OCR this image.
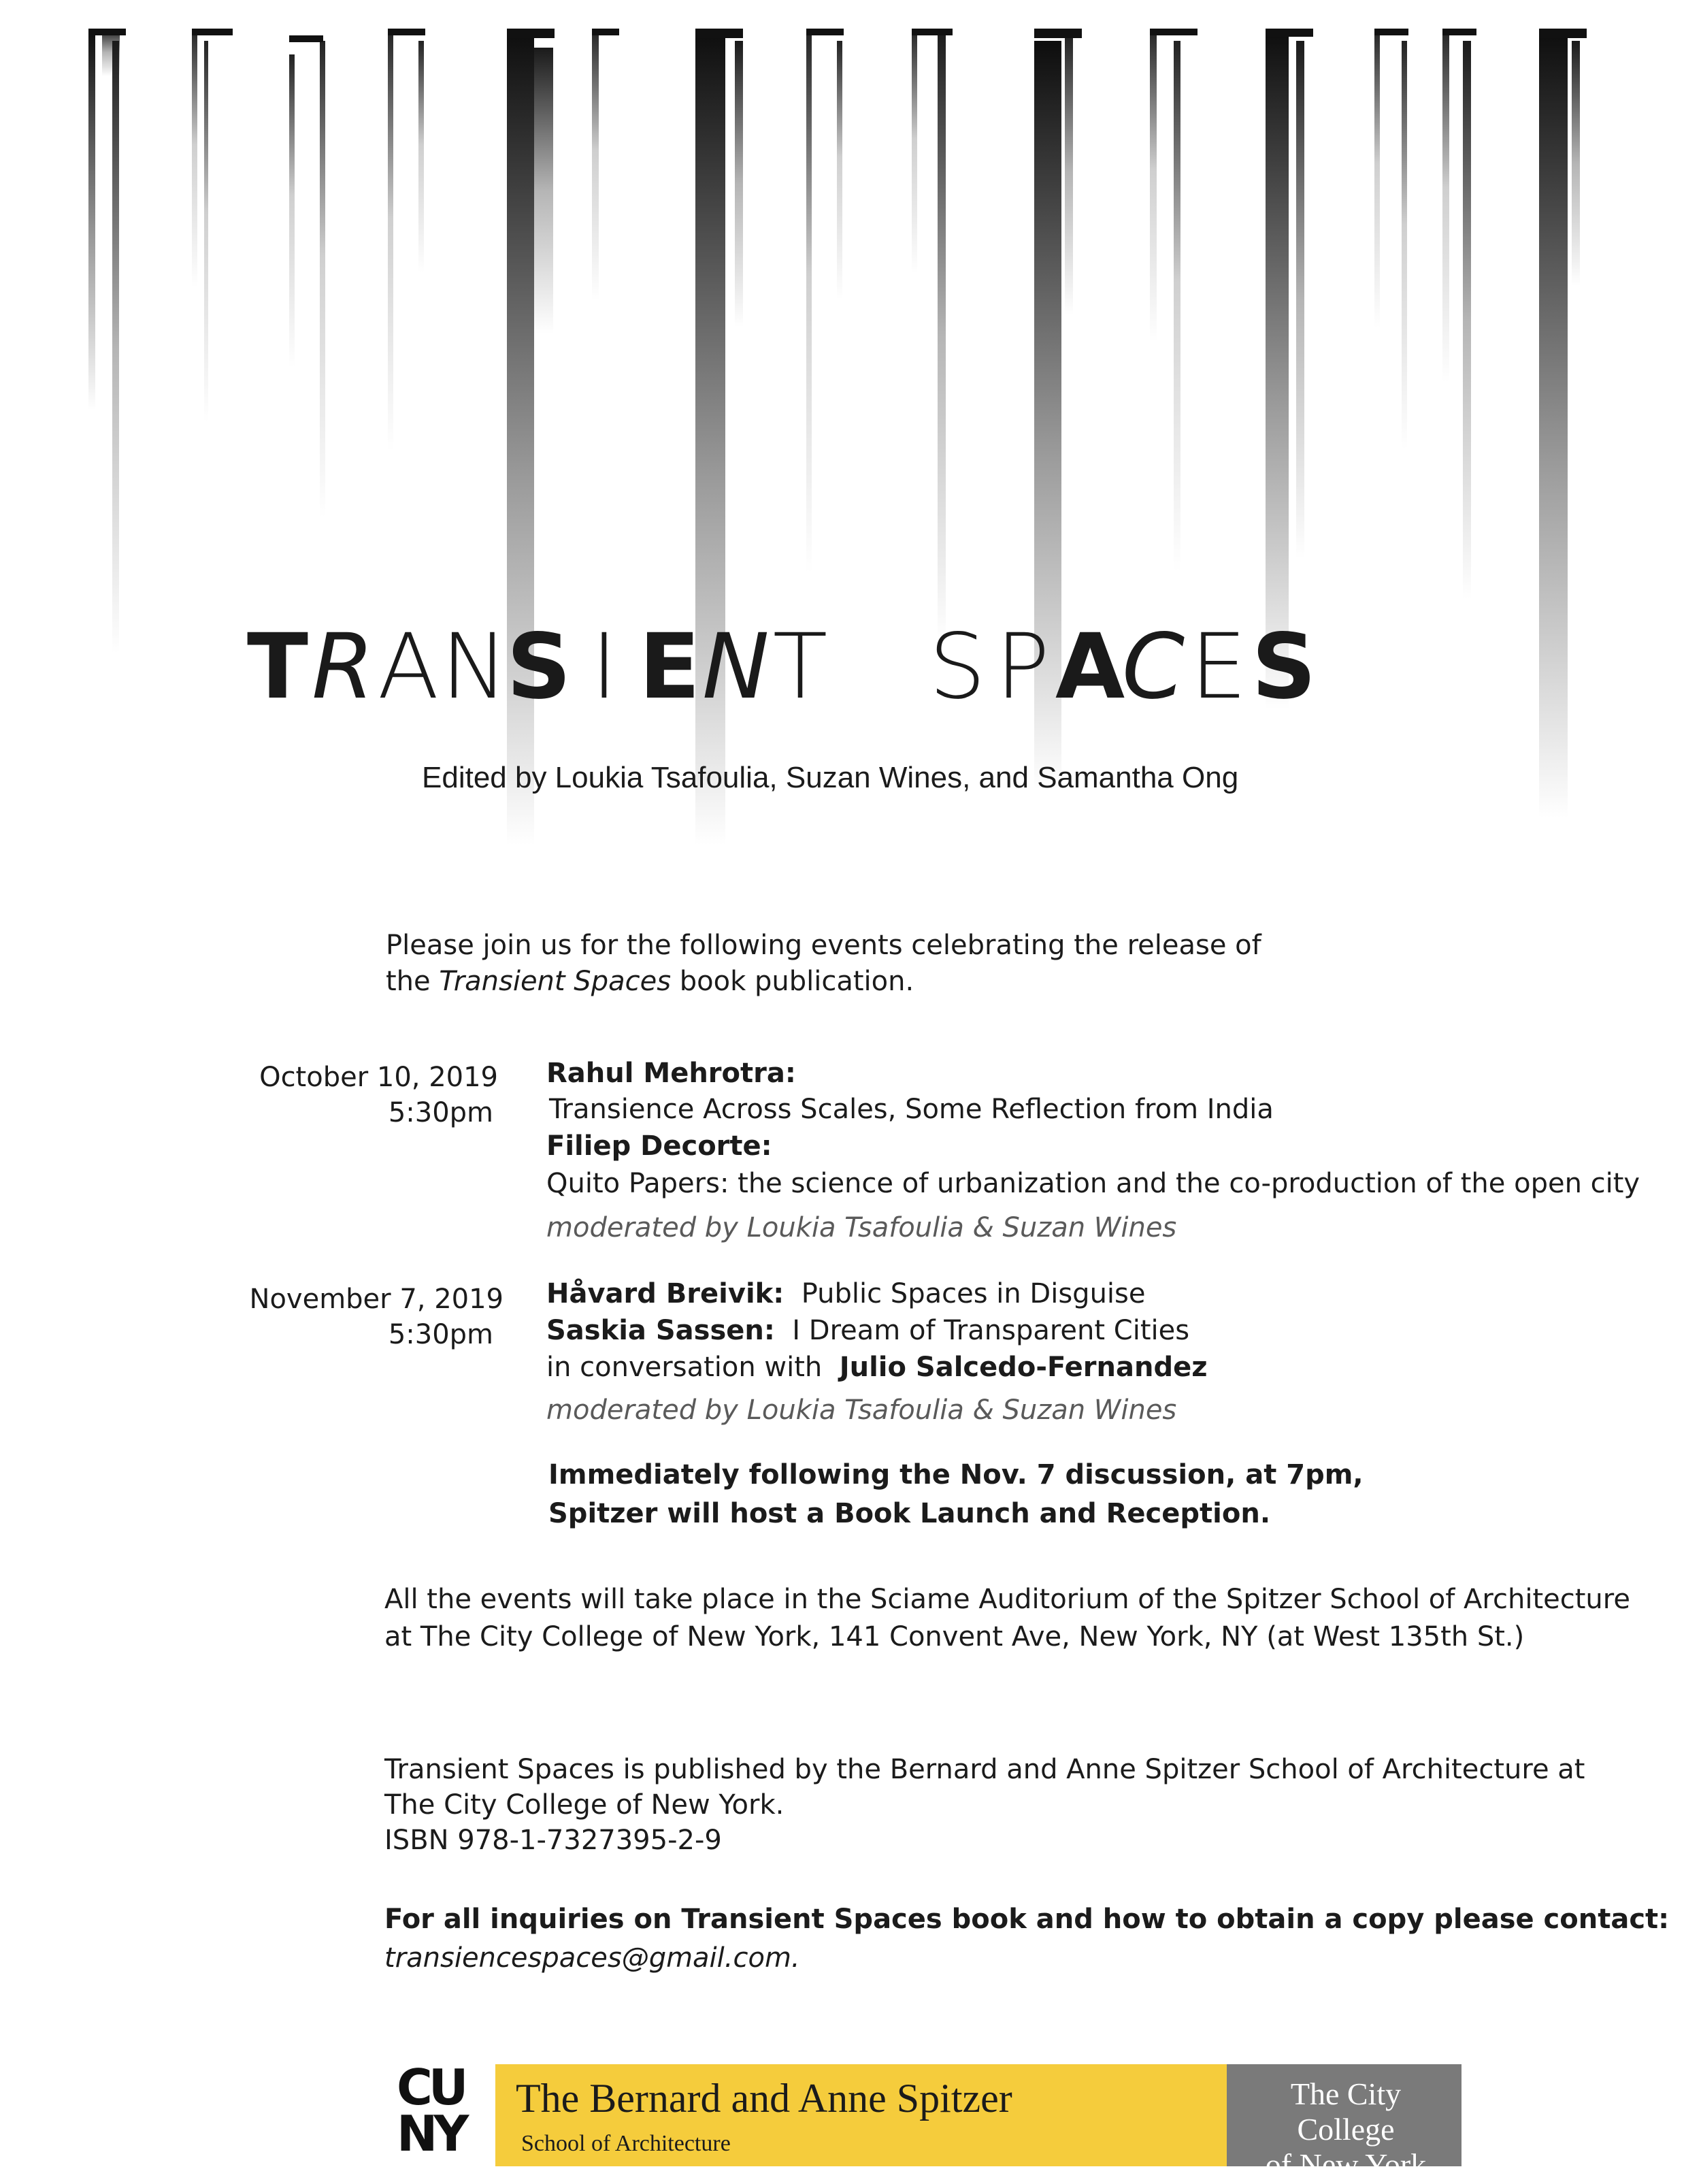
T R A N
S I E N T S P A
C E S
Edited by Loukia Tsafoulia, Suzan Wines, and Samantha Ong
Please join us for the following events celebrating the release of
the Transient Spaces book publication.
October 10, 2019
5:30pm
Rahul Mehrotra:
Transience Across Scales, Some Reflection from India
Filiep Decorte:
Quito Papers: the science of urbanization and the co-production of the open city
moderated by Loukia Tsafoulia & Suzan Wines
November 7, 2019
5:30pm
Håvard Breivik: Public Spaces in Disguise
Saskia Sassen: I Dream of Transparent Cities
in conversation with Julio Salcedo-Fernandez
moderated by Loukia Tsafoulia & Suzan Wines
Immediately following the Nov. 7 discussion, at 7pm,
Spitzer will host a Book Launch and Reception.
All the events will take place in the Sciame Auditorium of the Spitzer School of Architecture
at The City College of New York, 141 Convent Ave, New York, NY (at West 135th St.)
Transient Spaces is published by the Bernard and Anne Spitzer School of Architecture at
The City College of New York.
ISBN 978-1-7327395-2-9
For all inquiries on Transient Spaces book and how to obtain a copy please contact:
transiencespaces@gmail.com.
CU
NY
The Bernard and Anne Spitzer
School of Architecture
The City College
of New York
